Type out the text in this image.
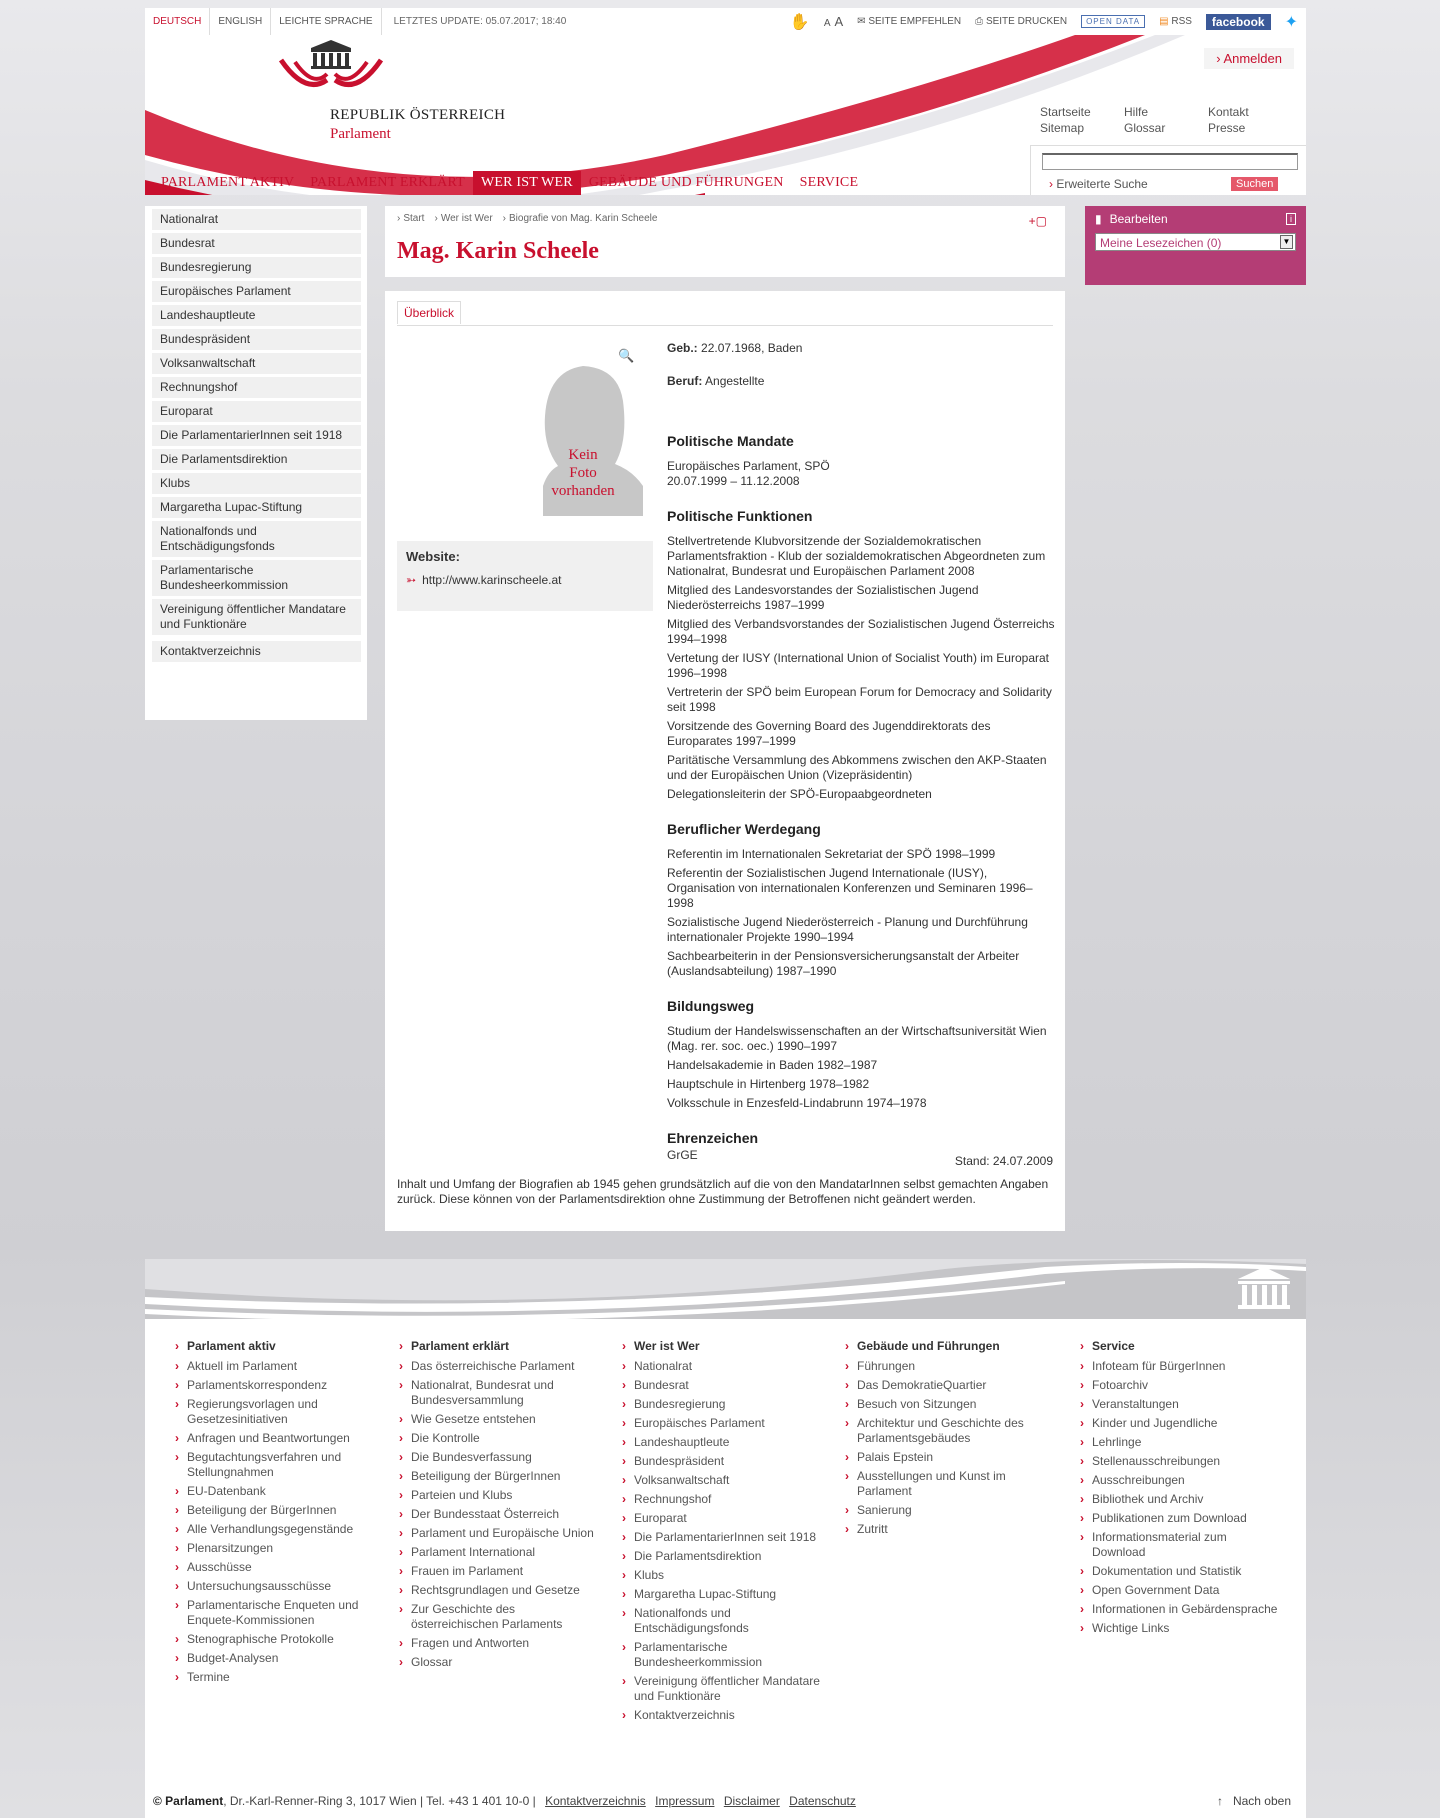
DEUTSCH	ENGLISH	LEICHTE SPRACHE	LETZTES UPDATE: 05.07.2017; 18:40	✋ A A ✉ SEITE EMPFEHLEN ⎙ SEITE DRUCKEN	OPEN DATA	▤ RSS	facebook	✦
REPUBLIK ÖSTERREICH
Parlament
› Anmelden
Startseite	Hilfe	Kontakt
Sitemap	Glossar	Presse
› Erweiterte Suche	Suchen
PARLAMENT AKTIV	PARLAMENT ERKLÄRT	WER IST WER	GEBÄUDE UND FÜHRUNGEN	SERVICE
Nationalrat
Bundesrat
Bundesregierung
Europäisches Parlament
Landeshauptleute
Bundespräsident
Volksanwaltschaft
Rechnungshof
Europarat
Die ParlamentarierInnen seit 1918
Die Parlamentsdirektion
Klubs
Margaretha Lupac-Stiftung
Nationalfonds und Entschädigungsfonds
Parlamentarische Bundesheerkommission
Vereinigung öffentlicher Mandatare und Funktionäre
Kontaktverzeichnis
› Start	› Wer ist Wer	› Biografie von Mag. Karin Scheele
Mag. Karin Scheele
+▢
Überblick
Kein
Foto
vorhanden
🔍
Website:
➳ http://www.karinscheele.at

Geb.: 22.07.1968, Baden

Beruf: Angestellte

Politische Mandate

Europäisches Parlament, SPÖ
20.07.1999 – 11.12.2008

Politische Funktionen

Stellvertretende Klubvorsitzende der Sozialdemokratischen Parlamentsfraktion - Klub der sozialdemokratischen Abgeordneten zum Nationalrat, Bundesrat und Europäischen Parlament 2008

Mitglied des Landesvorstandes der Sozialistischen Jugend Niederösterreichs 1987–1999

Mitglied des Verbandsvorstandes der Sozialistischen Jugend Österreichs 1994–1998

Vertetung der IUSY (International Union of Socialist Youth) im Europarat 1996–1998

Vertreterin der SPÖ beim European Forum for Democracy and Solidarity seit 1998

Vorsitzende des Governing Board des Jugenddirektorats des Europarates 1997–1999

Paritätische Versammlung des Abkommens zwischen den AKP-Staaten und der Europäischen Union (Vizepräsidentin)

Delegationsleiterin der SPÖ-Europaabgeordneten

Beruflicher Werdegang

Referentin im Internationalen Sekretariat der SPÖ 1998–1999

Referentin der Sozialistischen Jugend Internationale (IUSY), Organisation von internationalen Konferenzen und Seminaren 1996–1998

Sozialistische Jugend Niederösterreich - Planung und Durchführung internationaler Projekte 1990–1994

Sachbearbeiterin in der Pensionsversicherungsanstalt der Arbeiter (Auslandsabteilung) 1987–1990

Bildungsweg

Studium der Handelswissenschaften an der Wirtschaftsuniversität Wien (Mag. rer. soc. oec.) 1990–1997

Handelsakademie in Baden 1982–1987

Hauptschule in Hirtenberg 1978–1982

Volksschule in Enzesfeld-Lindabrunn 1974–1978

Ehrenzeichen

GrGE	Stand: 24.07.2009

Inhalt und Umfang der Biografien ab 1945 gehen grundsätzlich auf die von den MandatarInnen selbst gemachten Angaben zurück. Diese können von der Parlamentsdirektion ohne Zustimmung der Betroffenen nicht geändert werden.

▮ Bearbeiten	i
Meine Lesezeichen (0)	▼
› Parlament aktiv
› Aktuell im Parlament
› Parlamentskorrespondenz
› Regierungsvorlagen und Gesetzesinitiativen
› Anfragen und Beantwortungen
› Begutachtungsverfahren und Stellungnahmen
› EU-Datenbank
› Beteiligung der BürgerInnen
› Alle Verhandlungsgegenstände
› Plenarsitzungen
› Ausschüsse
› Untersuchungsausschüsse
› Parlamentarische Enqueten und Enquete-Kommissionen
› Stenographische Protokolle
› Budget-Analysen
› Termine
› Parlament erklärt
› Das österreichische Parlament
› Nationalrat, Bundesrat und Bundesversammlung
› Wie Gesetze entstehen
› Die Kontrolle
› Die Bundesverfassung
› Beteiligung der BürgerInnen
› Parteien und Klubs
› Der Bundesstaat Österreich
› Parlament und Europäische Union
› Parlament International
› Frauen im Parlament
› Rechtsgrundlagen und Gesetze
› Zur Geschichte des österreichischen Parlaments
› Fragen und Antworten
› Glossar
› Wer ist Wer
› Nationalrat
› Bundesrat
› Bundesregierung
› Europäisches Parlament
› Landeshauptleute
› Bundespräsident
› Volksanwaltschaft
› Rechnungshof
› Europarat
› Die ParlamentarierInnen seit 1918
› Die Parlamentsdirektion
› Klubs
› Margaretha Lupac-Stiftung
› Nationalfonds und Entschädigungsfonds
› Parlamentarische Bundesheerkommission
› Vereinigung öffentlicher Mandatare und Funktionäre
› Kontaktverzeichnis
› Gebäude und Führungen
› Führungen
› Das DemokratieQuartier
› Besuch von Sitzungen
› Architektur und Geschichte des Parlamentsgebäudes
› Palais Epstein
› Ausstellungen und Kunst im Parlament
› Sanierung
› Zutritt
› Service
› Infoteam für BürgerInnen
› Fotoarchiv
› Veranstaltungen
› Kinder und Jugendliche
› Lehrlinge
› Stellenausschreibungen
› Ausschreibungen
› Bibliothek und Archiv
› Publikationen zum Download
› Informationsmaterial zum Download
› Dokumentation und Statistik
› Open Government Data
› Informationen in Gebärdensprache
› Wichtige Links
© Parlament, Dr.-Karl-Renner-Ring 3, 1017 Wien | Tel. +43 1 401 10-0 | Kontaktverzeichnis Impressum Disclaimer Datenschutz	↑ Nach oben
